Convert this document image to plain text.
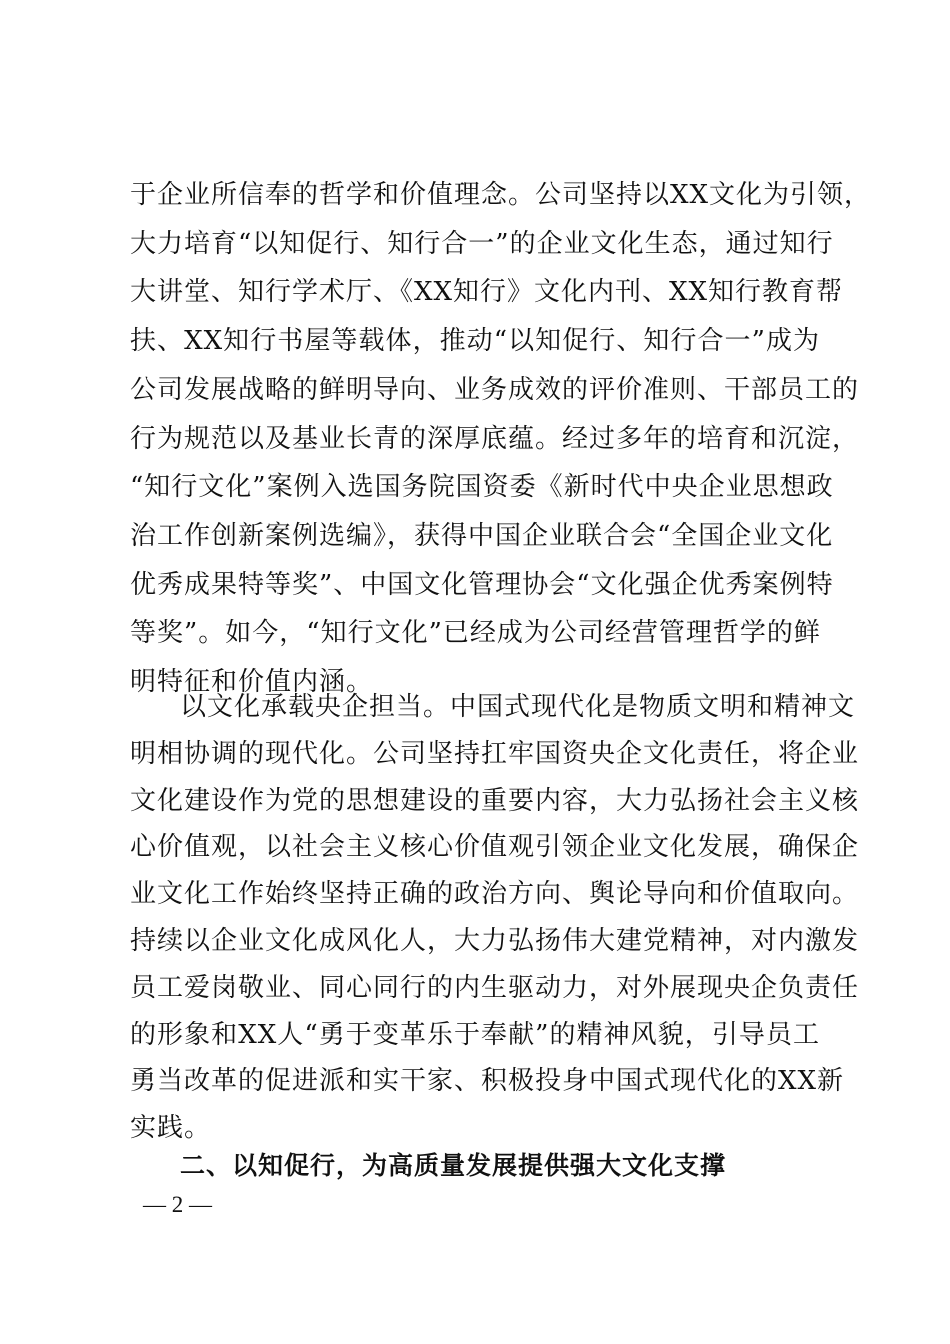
于企业所信奉的哲学和价值理念。公司坚持以XX文化为引领，
大力培育“以知促行、知行合一”的企业文化生态，通过知行
大讲堂、知行学术厅、《XX知行》文化内刊、XX知行教育帮
扶、XX知行书屋等载体，推动“以知促行、知行合一”成为
公司发展战略的鲜明导向、业务成效的评价准则、干部员工的
行为规范以及基业长青的深厚底蕴。经过多年的培育和沉淀，
“知行文化”案例入选国务院国资委《新时代中央企业思想政
治工作创新案例选编》，获得中国企业联合会“全国企业文化
优秀成果特等奖”、中国文化管理协会“文化强企优秀案例特
等奖”。如今，“知行文化”已经成为公司经营管理哲学的鲜
明特征和价值内涵。
以文化承载央企担当。中国式现代化是物质文明和精神文
明相协调的现代化。公司坚持扛牢国资央企文化责任，将企业
文化建设作为党的思想建设的重要内容，大力弘扬社会主义核
心价值观，以社会主义核心价值观引领企业文化发展，确保企
业文化工作始终坚持正确的政治方向、舆论导向和价值取向。
持续以企业文化成风化人，大力弘扬伟大建党精神，对内激发
员工爱岗敬业、同心同行的内生驱动力，对外展现央企负责任
的形象和XX人“勇于变革乐于奉献”的精神风貌，引导员工
勇当改革的促进派和实干家、积极投身中国式现代化的XX新
实践。
二、以知促行，为高质量发展提供强大文化支撑
— 2 —
